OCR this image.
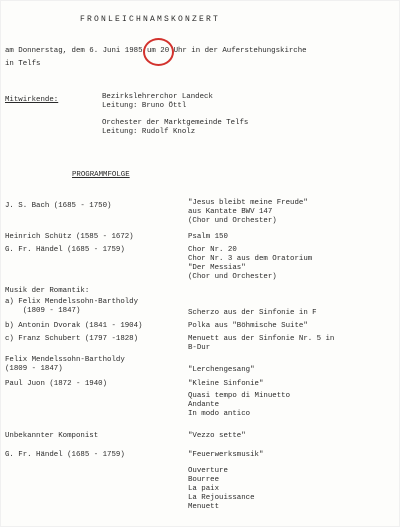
FRONLEICHNAMSKONZERT
am Donnerstag, dem 6. Juni 1985 um 20 Uhr in der Auferstehungskirche
in Telfs
Mitwirkende:	Bezirkslehrerchor Landeck
Leitung: Bruno Öttl
Orchester der Marktgemeinde Telfs
Leitung: Rudolf Knolz
PROGRAMMFOLGE
J. S. Bach (1685 - 1750)	"Jesus bleibt meine Freude"
aus Kantate BWV 147
(Chor und Orchester)
Heinrich Schütz (1585 - 1672)	Psalm 150
G. Fr. Händel (1685 - 1759)	Chor Nr. 20
Chor Nr. 3 aus dem Oratorium
"Der Messias"
(Chor und Orchester)
Musik der Romantik:
a) Felix Mendelssohn-Bartholdy
(1809 - 1847)	Scherzo aus der Sinfonie in F
b) Antonin Dvorak (1841 - 1904)	Polka aus "Böhmische Suite"
c) Franz Schubert (1797 -1828)	Menuett aus der Sinfonie Nr. 5 in
B-Dur
Felix Mendelssohn-Bartholdy
(1809 - 1847)	"Lerchengesang"
Paul Juon (1872 - 1940)	"Kleine Sinfonie"
Quasi tempo di Minuetto
Andante
In modo antico
Unbekannter Komponist	"Vezzo sette"
G. Fr. Händel (1685 - 1759)	"Feuerwerksmusik"
Ouverture
Bourree
La paix
La Rejouissance
Menuett
